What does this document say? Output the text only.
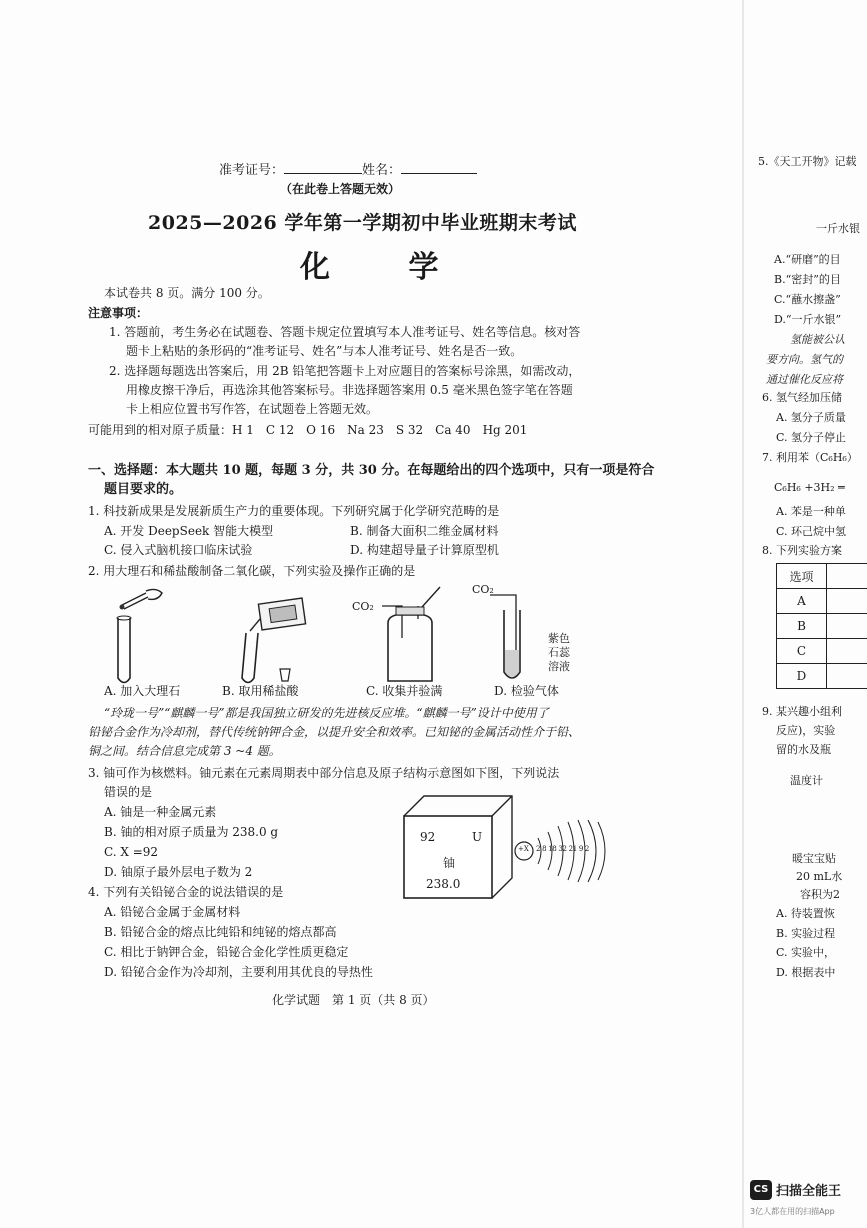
准考证号：	姓名：
（在此卷上答题无效）
2025—2026 学年第一学期初中毕业班期末考试
化 学
本试卷共 8 页。满分 100 分。
注意事项：
1. 答题前，考生务必在试题卷、答题卡规定位置填写本人准考证号、姓名等信息。核对答
题卡上粘贴的条形码的“准考证号、姓名”与本人准考证号、姓名是否一致。
2. 选择题每题选出答案后，用 2B 铅笔把答题卡上对应题目的答案标号涂黑，如需改动，
用橡皮擦干净后，再选涂其他答案标号。非选择题答案用 0.5 毫米黑色签字笔在答题
卡上相应位置书写作答，在试题卷上答题无效。
可能用到的相对原子质量：H 1　C 12　O 16　Na 23　S 32　Ca 40　Hg 201
一、选择题：本大题共 10 题，每题 3 分，共 30 分。在每题给出的四个选项中，只有一项是符合
题目要求的。
1. 科技新成果是发展新质生产力的重要体现。下列研究属于化学研究范畴的是
A. 开发 DeepSeek 智能大模型	B. 制备大面积二维金属材料
C. 侵入式脑机接口临床试验	D. 构建超导量子计算原型机
2. 用大理石和稀盐酸制备二氧化碳，下列实验及操作正确的是
CO₂
CO₂
紫色
石蕊
溶液
A. 加入大理石	B. 取用稀盐酸	C. 收集并验满	D. 检验气体
“玲珑一号”“麒麟一号”都是我国独立研发的先进核反应堆。“麒麟一号”设计中使用了
铅铋合金作为冷却剂，替代传统钠钾合金，以提升安全和效率。已知铋的金属活动性介于铅、
铜之间。结合信息完成第 3 ~4 题。
3. 铀可作为核燃料。铀元素在元素周期表中部分信息及原子结构示意图如下图，下列说法
错误的是
A. 铀是一种金属元素
B. 铀的相对原子质量为 238.0 g
C. X =92
D. 铀原子最外层电子数为 2
92	U
铀
238.0
+X 2 8 18 32 21 9 2
4. 下列有关铅铋合金的说法错误的是
A. 铅铋合金属于金属材料
B. 铅铋合金的熔点比纯铅和纯铋的熔点都高
C. 相比于钠钾合金，铅铋合金化学性质更稳定
D. 铅铋合金作为冷却剂，主要利用其优良的导热性
化学试题　第 1 页（共 8 页）
5.《天工开物》记载
一斤水银
A.“研磨”的目
B.“密封”的目
C.“蘸水擦盏”
D.“一斤水银”
氢能被公认
要方向。氢气的
通过催化反应将
6. 氢气经加压储
A. 氢分子质量
C. 氢分子停止
7. 利用苯（C₆H₆）
C₆H₆ +3H₂ ═
A. 苯是一种单
C. 环己烷中氢
8. 下列实验方案
选项	
A	
B	
C	
D	
9. 某兴趣小组利
反应)，实验
留的水及瓶
温度计
暖宝宝贴
20 mL水
容积为2
A. 待装置恢
B. 实验过程
C. 实验中，
D. 根据表中
CS 扫描全能王
3亿人都在用的扫描App
